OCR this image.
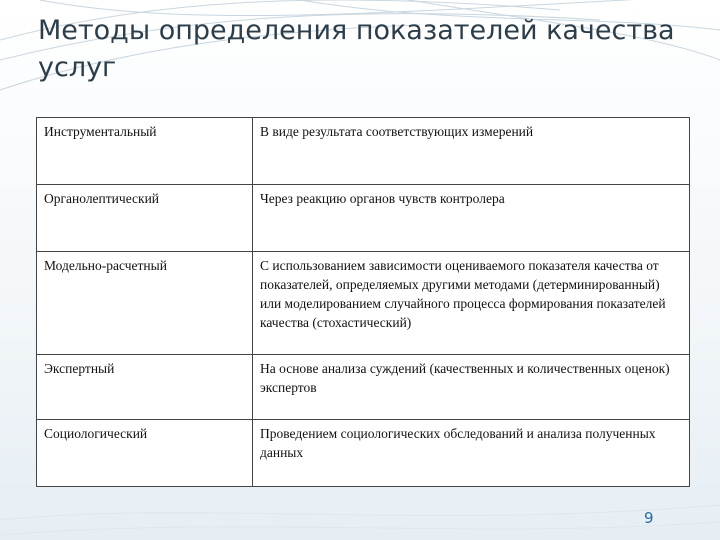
Методы определения показателей качества услуг
Инструментальный	В виде результата соответствующих измерений
Органолептический	Через реакцию органов чувств контролера
Модельно-расчетный	С использованием зависимости оцениваемого показателя качества от показателей, определяемых другими методами (детерминированный) или моделированием случайного процесса формирования показателей качества (стохастический)
Экспертный	На основе анализа суждений (качественных и количественных оценок) экспертов
Социологический	Проведением социологических обследований и анализа полученных данных
9
